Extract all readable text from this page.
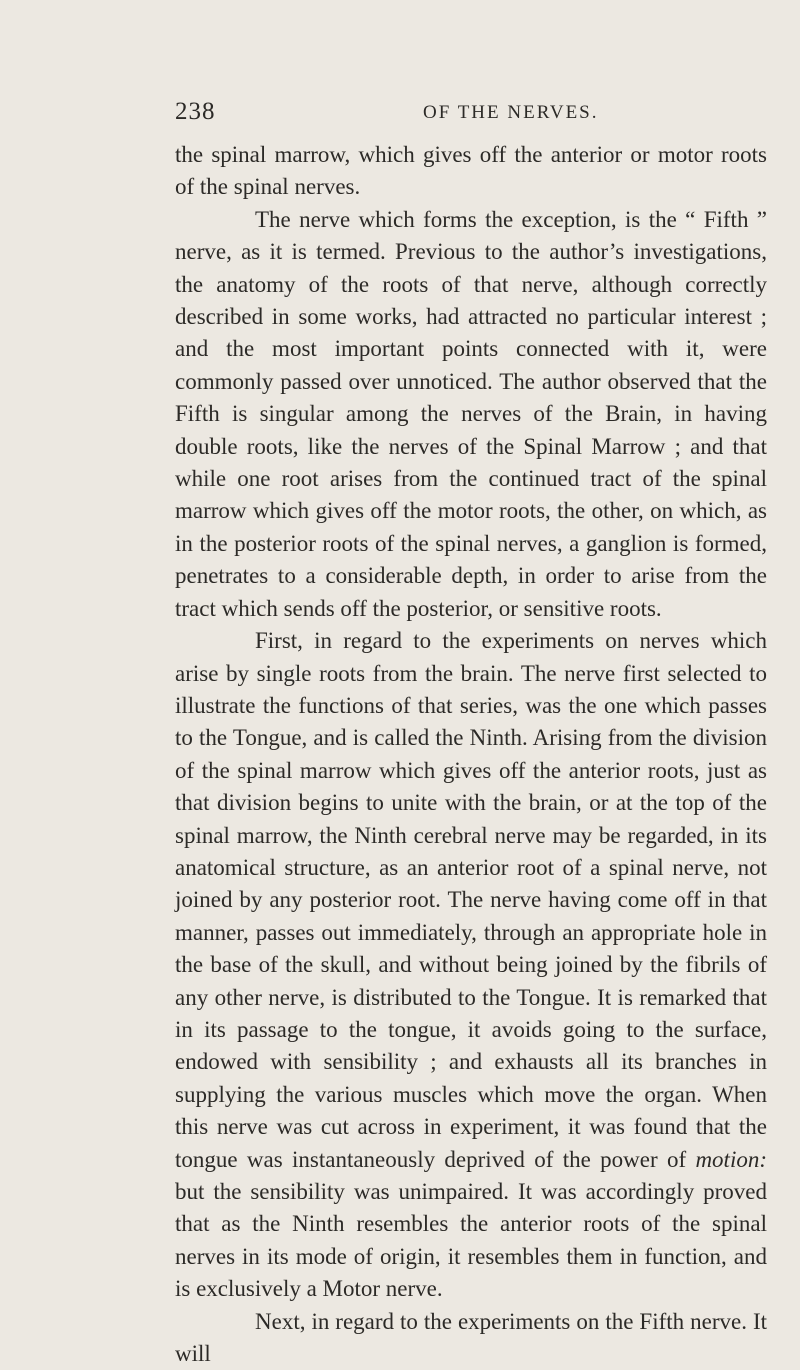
238	OF THE NERVES.

the spinal marrow, which gives off the anterior or motor roots of the spinal nerves.

The nerve which forms the exception, is the “ Fifth ” nerve, as it is termed. Previous to the author’s investigations, the anatomy of the roots of that nerve, although correctly described in some works, had attracted no particular interest ; and the most important points connected with it, were commonly passed over unnoticed. The author observed that the Fifth is singular among the nerves of the Brain, in having double roots, like the nerves of the Spinal Marrow ; and that while one root arises from the continued tract of the spinal marrow which gives off the motor roots, the other, on which, as in the posterior roots of the spinal nerves, a ganglion is formed, penetrates to a considerable depth, in order to arise from the tract which sends off the posterior, or sensitive roots.

First, in regard to the experiments on nerves which arise by single roots from the brain. The nerve first selected to illustrate the functions of that series, was the one which passes to the Tongue, and is called the Ninth. Arising from the division of the spinal marrow which gives off the anterior roots, just as that division begins to unite with the brain, or at the top of the spinal marrow, the Ninth cerebral nerve may be regarded, in its anatomical structure, as an anterior root of a spinal nerve, not joined by any posterior root. The nerve having come off in that manner, passes out immediately, through an appropriate hole in the base of the skull, and without being joined by the fibrils of any other nerve, is distributed to the Tongue. It is remarked that in its passage to the tongue, it avoids going to the surface, endowed with sensibility ; and exhausts all its branches in supplying the various muscles which move the organ. When this nerve was cut across in experiment, it was found that the tongue was instantaneously deprived of the power of motion: but the sensibility was unimpaired. It was accordingly proved that as the Ninth resembles the anterior roots of the spinal nerves in its mode of origin, it resembles them in function, and is exclusively a Motor nerve.

Next, in regard to the experiments on the Fifth nerve. It will
